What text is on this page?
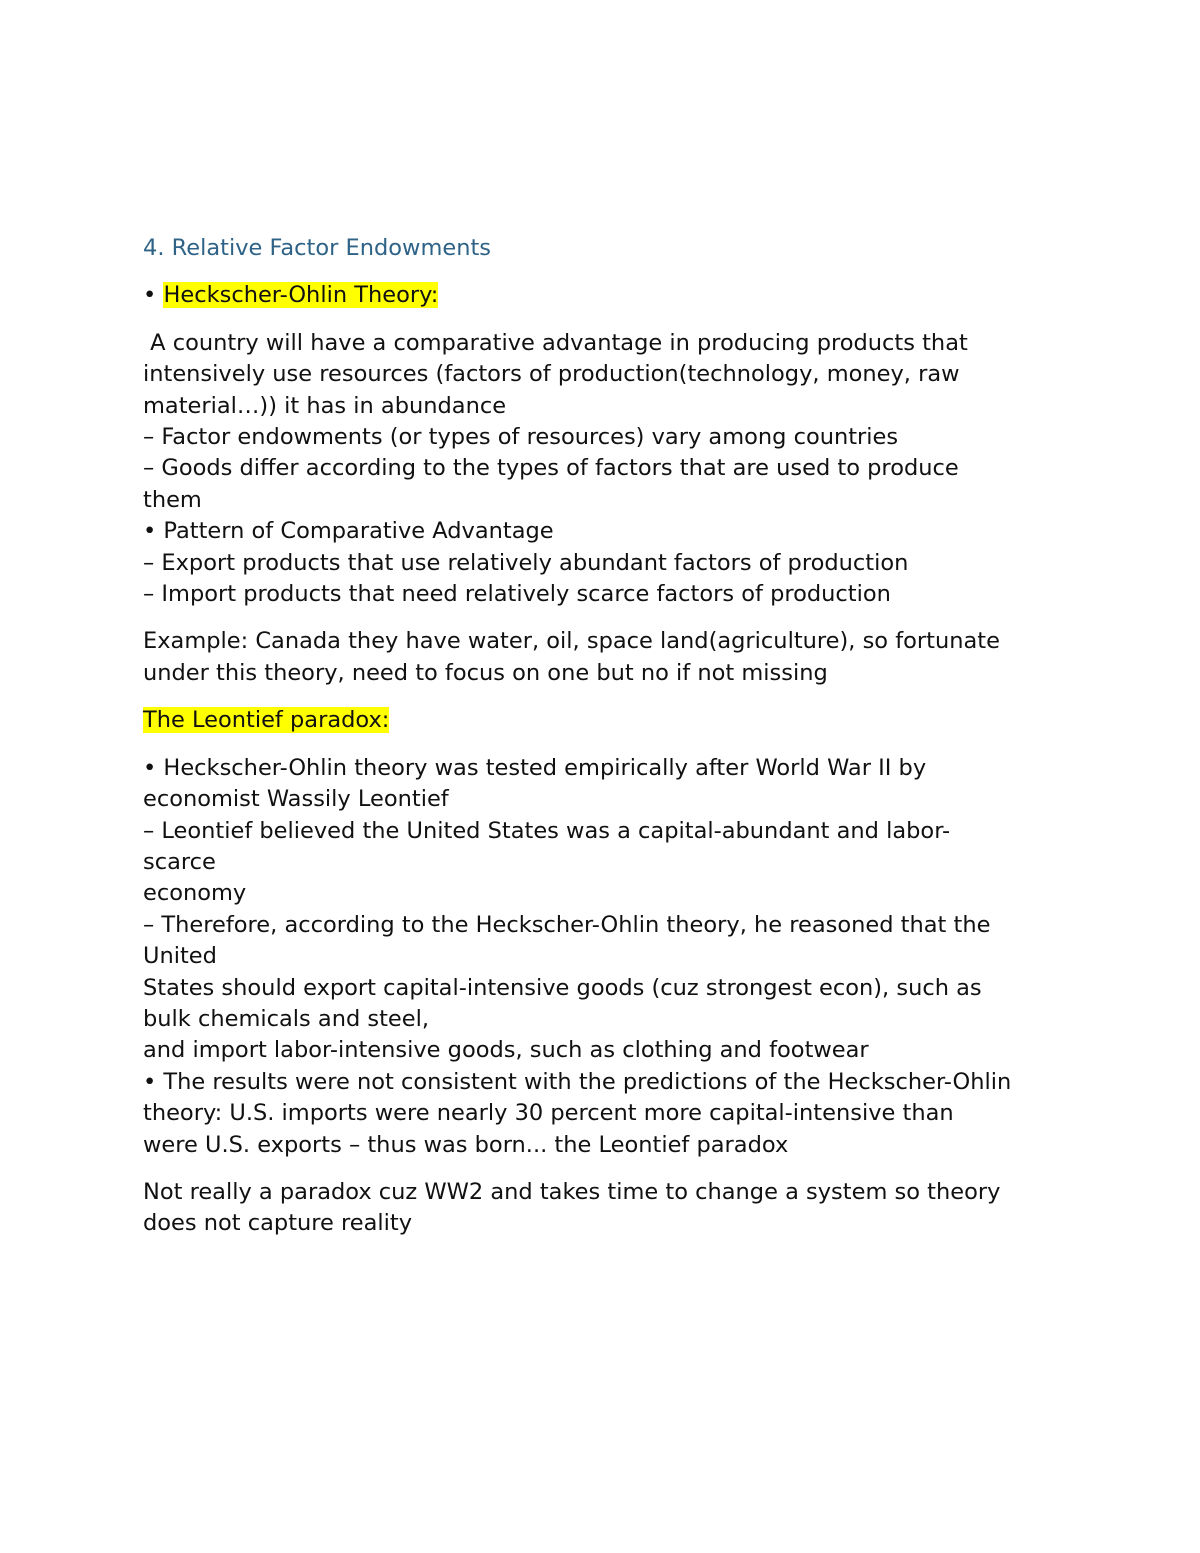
4. Relative Factor Endowments
• Heckscher-Ohlin Theory:
A country will have a comparative advantage in producing products that
intensively use resources (factors of production(technology, money, raw
material…)) it has in abundance
– Factor endowments (or types of resources) vary among countries
– Goods differ according to the types of factors that are used to produce
them
• Pattern of Comparative Advantage
– Export products that use relatively abundant factors of production
– Import products that need relatively scarce factors of production
Example: Canada they have water, oil, space land(agriculture), so fortunate
under this theory, need to focus on one but no if not missing
The Leontief paradox:
• Heckscher-Ohlin theory was tested empirically after World War II by
economist Wassily Leontief
– Leontief believed the United States was a capital-abundant and labor-
scarce
economy
– Therefore, according to the Heckscher-Ohlin theory, he reasoned that the
United
States should export capital-intensive goods (cuz strongest econ), such as
bulk chemicals and steel,
and import labor-intensive goods, such as clothing and footwear
• The results were not consistent with the predictions of the Heckscher-Ohlin
theory: U.S. imports were nearly 30 percent more capital-intensive than
were U.S. exports – thus was born... the Leontief paradox
Not really a paradox cuz WW2 and takes time to change a system so theory
does not capture reality
